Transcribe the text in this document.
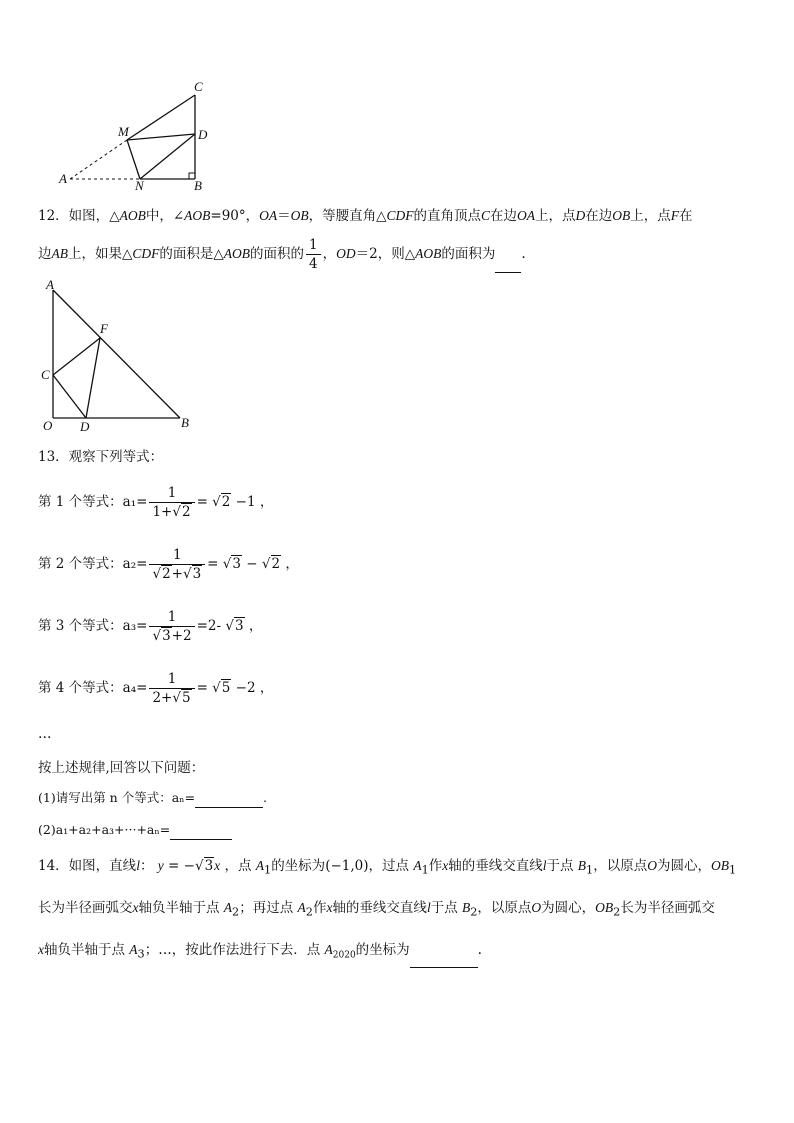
C
M	D
A	N	B
12．如图，△AOB中，∠AOB=90°，OA＝OB，等腰直角△CDF的直角顶点C在边OA上，点D在边OB上，点F在
边AB上，如果△CDF的面积是△AOB的面积的 $\frac{1}{4}$ ，OD＝2，则△AOB的面积为 .
A
F
C
O D	B
13．观察下列等式：
第 1 个等式：$a_1= \frac{1}{1+√2} = √2 -1$ ，
第 2 个等式：$a_2= \frac{1}{√2+√3} = √3 - √2$ ，
第 3 个等式：$a_3= \frac{1}{√3+2} =2-$ √3 ，
第 4 个等式：$a_4= \frac{1}{2+√5} = √5 -2$ ，
…
按上述规律,回答以下问题：
(1)请写出第 n 个等式：aₙ=	.
(2)a₁+a₂+a₃+···+aₙ=
14．如图，直线l： y = −√3x ，点 $A_1$的坐标为(−1,0)，过点 $A_1$作x轴的垂线交直线l于点 $B_1$，以原点O为圆心，$OB_1$
长为半径画弧交x轴负半轴于点 $A_2$；再过点 $A_2$作x轴的垂线交直线l于点 $B_2$，以原点O为圆心，$OB_2$长为半径画弧交
x轴负半轴于点 $A_3$；…，按此作法进行下去．点 $A_{2020}$的坐标为	.
